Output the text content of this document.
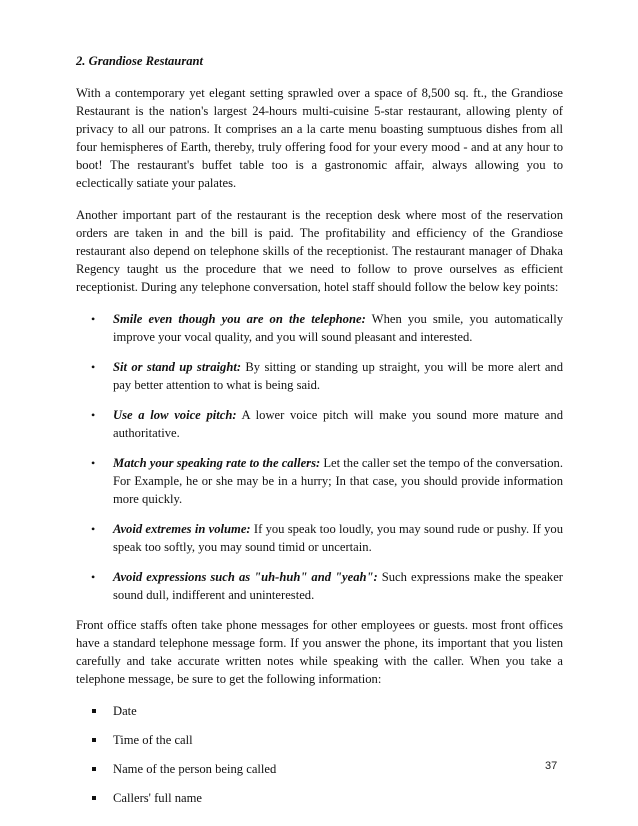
2. Grandiose Restaurant

With a contemporary yet elegant setting sprawled over a space of 8,500 sq. ft., the Grandiose Restaurant is the nation's largest 24-hours multi-cuisine 5-star restaurant, allowing plenty of privacy to all our patrons. It comprises an a la carte menu boasting sumptuous dishes from all four hemispheres of Earth, thereby, truly offering food for your every mood - and at any hour to boot! The restaurant's buffet table too is a gastronomic affair, always allowing you to eclectically satiate your palates.

Another important part of the restaurant is the reception desk where most of the reservation orders are taken in and the bill is paid. The profitability and efficiency of the Grandiose restaurant also depend on telephone skills of the receptionist. The restaurant manager of Dhaka Regency taught us the procedure that we need to follow to prove ourselves as efficient receptionist. During any telephone conversation, hotel staff should follow the below key points:

• Smile even though you are on the telephone: When you smile, you automatically improve your vocal quality, and you will sound pleasant and interested.
• Sit or stand up straight: By sitting or standing up straight, you will be more alert and pay better attention to what is being said.
• Use a low voice pitch: A lower voice pitch will make you sound more mature and authoritative.
• Match your speaking rate to the callers: Let the caller set the tempo of the conversation. For Example, he or she may be in a hurry; In that case, you should provide information more quickly.
• Avoid extremes in volume: If you speak too loudly, you may sound rude or pushy. If you speak too softly, you may sound timid or uncertain.
• Avoid expressions such as "uh-huh" and "yeah": Such expressions make the speaker sound dull, indifferent and uninterested.

Front office staffs often take phone messages for other employees or guests. most front offices have a standard telephone message form. If you answer the phone, its important that you listen carefully and take accurate written notes while speaking with the caller. When you take a telephone message, be sure to get the following information:

Date
Time of the call
Name of the person being called
Callers' full name
37
